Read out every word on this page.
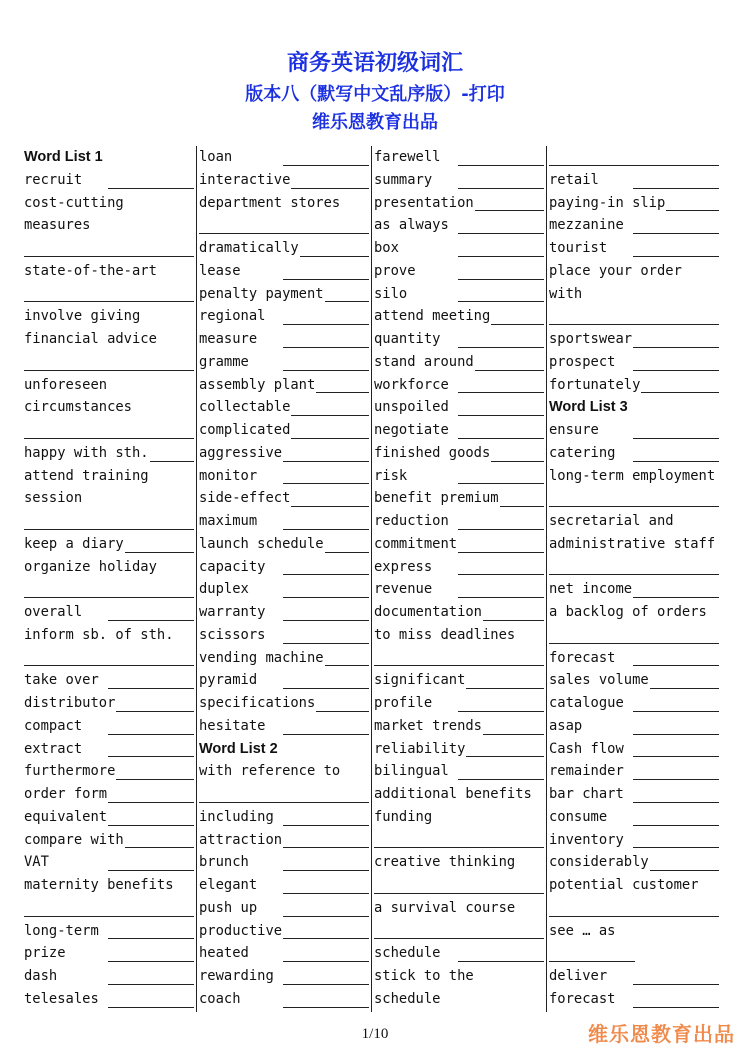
商务英语初级词汇
版本八（默写中文乱序版）-打印
维乐恩教育出品
Word List 1
recruit
cost-cutting
measures
state-of-the-art
involve giving
financial advice
unforeseen
circumstances
happy with sth.
attend training
session
keep a diary
organize holiday
overall
inform sb. of sth.
take over
distributor
compact
extract
furthermore
order form
equivalent
compare with
VAT
maternity benefits
long-term
prize
dash
telesales
loan
interactive
department stores
dramatically
lease
penalty payment
regional
measure
gramme
assembly plant
collectable
complicated
aggressive
monitor
side-effect
maximum
launch schedule
capacity
duplex
warranty
scissors
vending machine
pyramid
specifications
hesitate
Word List 2
with reference to
including
attraction
brunch
elegant
push up
productive
heated
rewarding
coach
farewell
summary
presentation
as always
box
prove
silo
attend meeting
quantity
stand around
workforce
unspoiled
negotiate
finished goods
risk
benefit premium
reduction
commitment
express
revenue
documentation
to miss deadlines
significant
profile
market trends
reliability
bilingual
additional benefits
funding
creative thinking
a survival course
schedule
stick to the
schedule
retail
paying-in slip
mezzanine
tourist
place your order
with
sportswear
prospect
fortunately
Word List 3
ensure
catering
long-term employment
secretarial and
administrative staff
net income
a backlog of orders
forecast
sales volume
catalogue
asap
Cash flow
remainder
bar chart
consume
inventory
considerably
potential customer
see … as
deliver
forecast
1/10	维乐恩教育出品
